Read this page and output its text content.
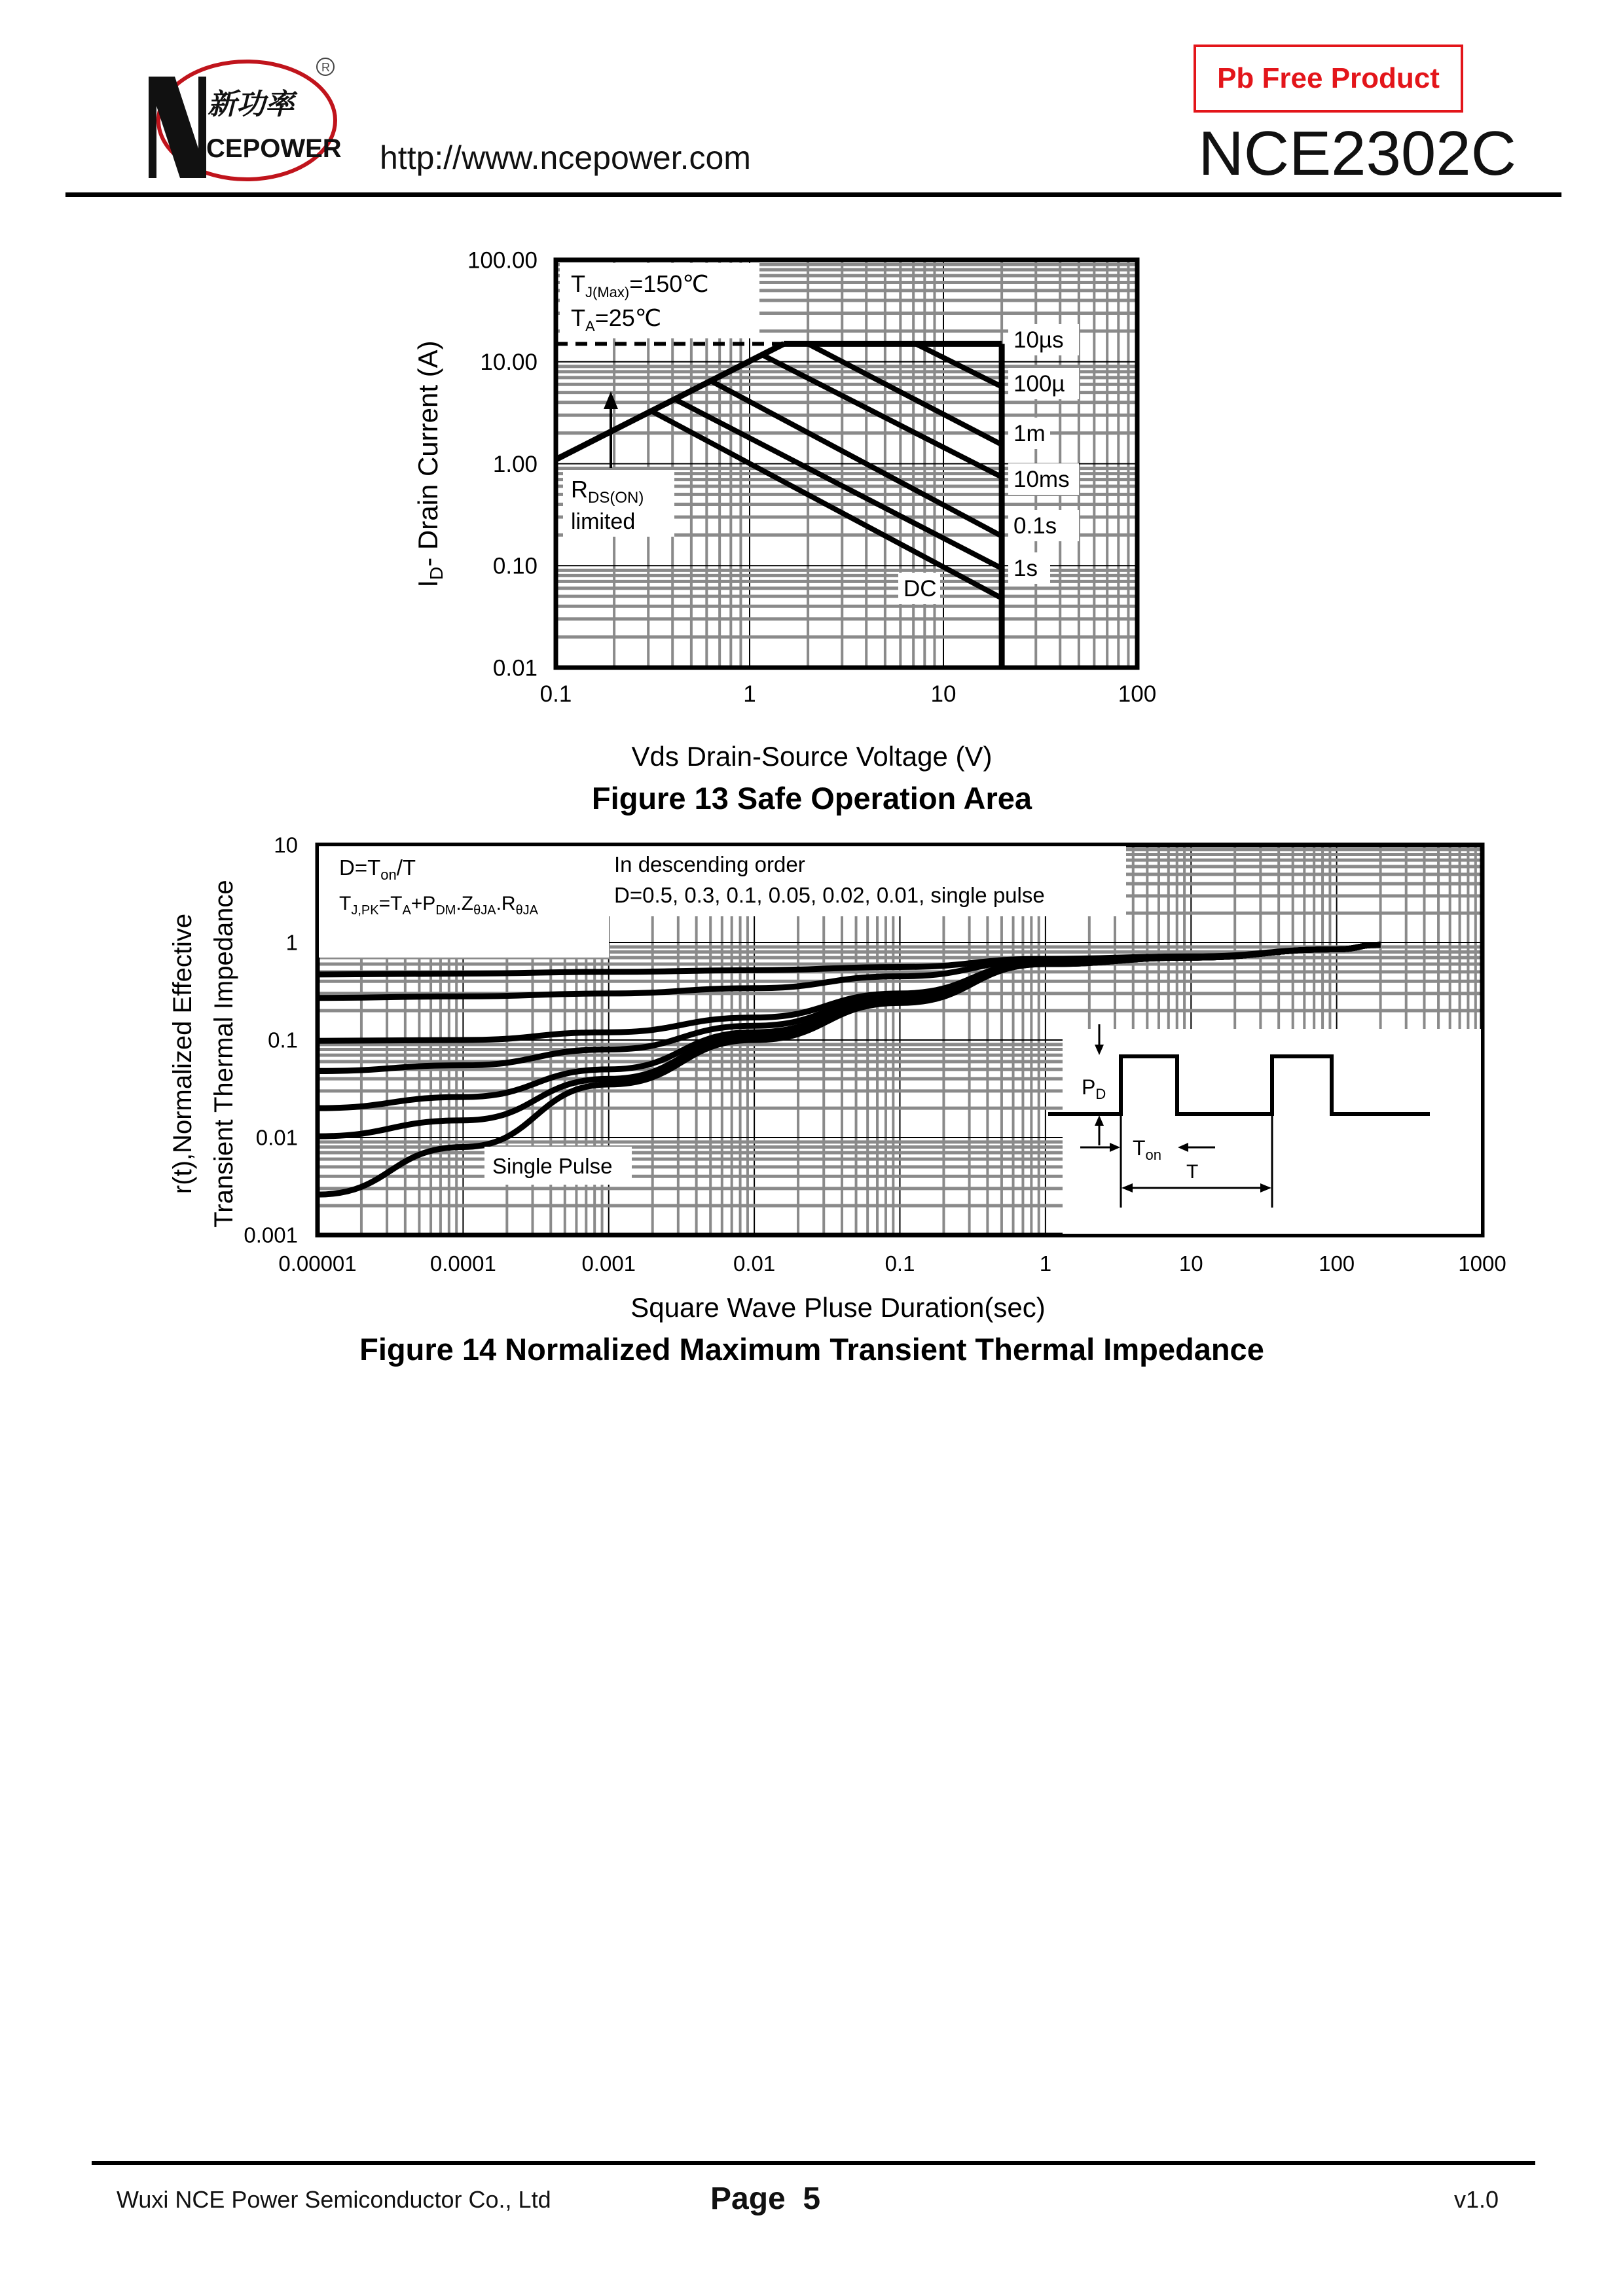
新功率
CEPOWER
R
http://www.ncepower.com
Pb Free Product
NCE2302C
$T_{J(Max)}=150℃$
$T_A=25℃$
$R_{DS(ON)}$
limited
10µs
100µ
1m
10ms
0.1s
1s
DC
0.1	1	10	100
100.00
10.00
1.00
0.10
0.01
Vds Drain-Source Voltage (V)
Figure 13 Safe Operation Area
ID- Drain Current (A)
$D=T_{on}/T$
$T_{J,PK}=T_A+P_{DM}.Z_{\theta JA}.R_{\theta JA}$
In descending order
D=0.5, 0.3, 0.1, 0.05, 0.02, 0.01, single pulse
Single Pulse
$P_D$
$T_{on}$
T
0.00001	0.0001	0.001	0.01	0.1	1	10	100	1000
10
1
0.1
0.01
0.001
Square Wave Pluse Duration(sec)
Figure 14 Normalized Maximum Transient Thermal Impedance
r(t),Normalized Effective Transient Thermal Impedance
Wuxi NCE Power Semiconductor Co., Ltd	Page 5	v1.0
